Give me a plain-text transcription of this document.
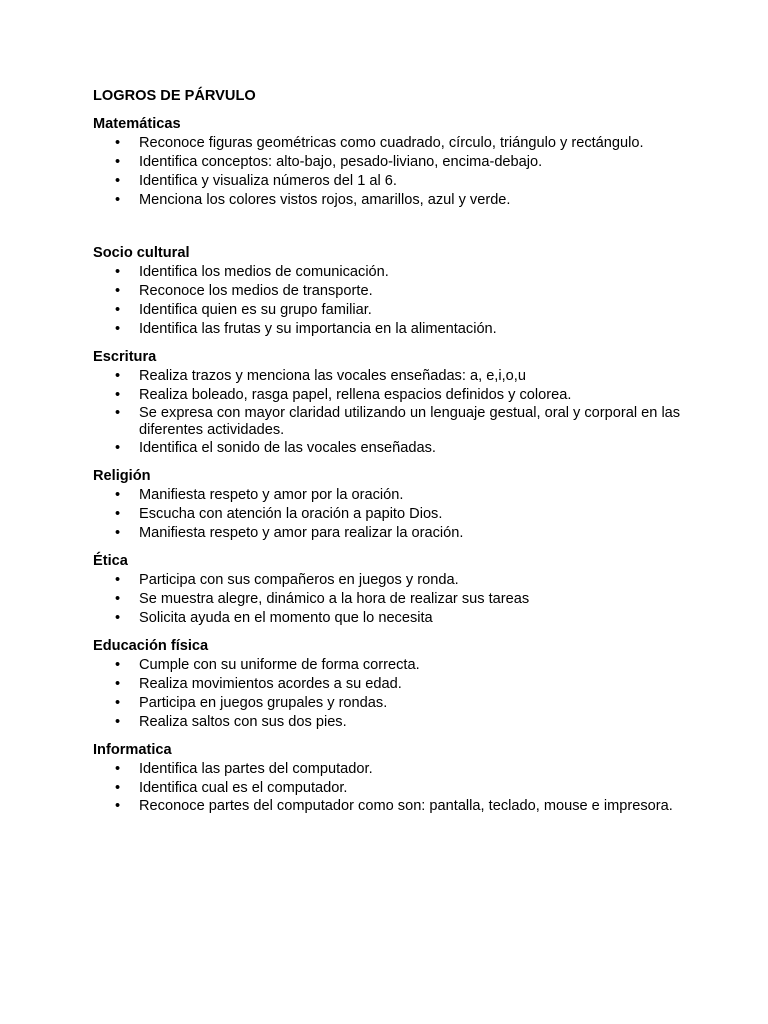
LOGROS DE PÁRVULO
Matemáticas
• Reconoce figuras geométricas como cuadrado, círculo, triángulo y rectángulo.
• Identifica conceptos: alto-bajo, pesado-liviano, encima-debajo.
• Identifica y visualiza números del 1 al 6.
• Menciona los colores vistos rojos, amarillos, azul y verde.
Socio cultural
• Identifica los medios de comunicación.
• Reconoce los medios de transporte.
• Identifica quien es su grupo familiar.
• Identifica las frutas y su importancia en la alimentación.
Escritura
• Realiza trazos y menciona las vocales enseñadas: a, e,i,o,u
• Realiza boleado, rasga papel, rellena espacios definidos y colorea.
• Se expresa con mayor claridad utilizando un lenguaje gestual, oral y corporal en las diferentes actividades.
• Identifica el sonido de las vocales enseñadas.
Religión
• Manifiesta respeto y amor por la oración.
• Escucha con atención la oración a papito Dios.
• Manifiesta respeto y amor para realizar la oración.
Ética
• Participa con sus compañeros en juegos y ronda.
• Se muestra alegre, dinámico a la hora de realizar sus tareas
• Solicita ayuda en el momento que lo necesita
Educación física
• Cumple con su uniforme de forma correcta.
• Realiza movimientos acordes a su edad.
• Participa en juegos grupales y rondas.
• Realiza saltos con sus dos pies.
Informatica
• Identifica las partes del computador.
• Identifica cual es el computador.
• Reconoce partes del computador como son: pantalla, teclado, mouse e impresora.
